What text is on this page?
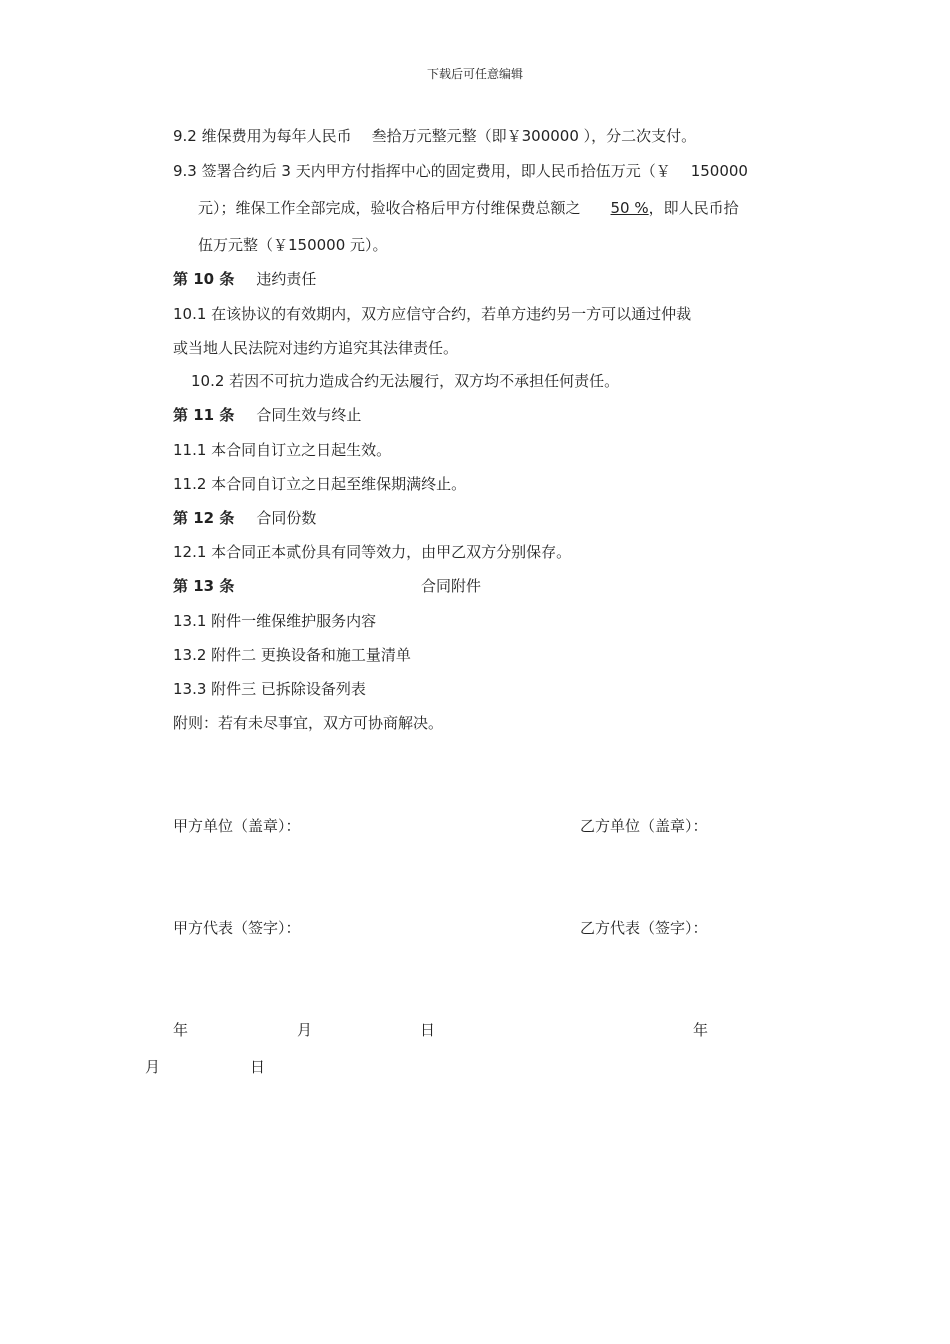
下载后可任意编辑
9.2 维保费用为每年人民币 叁拾万元整元整（即￥300000 ），分二次支付。
9.3 签署合约后 3 天内甲方付指挥中心的固定费用，即人民币拾伍万元（￥ 150000
元）；维保工作全部完成，验收合格后甲方付维保费总额之 50 %，即人民币拾
伍万元整（￥150000 元）。
第 10 条 违约责任
10.1 在该协议的有效期内，双方应信守合约，若单方违约另一方可以通过仲裁
或当地人民法院对违约方追究其法律责任。
10.2 若因不可抗力造成合约无法履行，双方均不承担任何责任。
第 11 条 合同生效与终止
11.1 本合同自订立之日起生效。
11.2 本合同自订立之日起至维保期满终止。
第 12 条 合同份数
12.1 本合同正本贰份具有同等效力，由甲乙双方分别保存。
第 13 条	合同附件
13.1 附件一维保维护服务内容
13.2 附件二 更换设备和施工量清单
13.3 附件三 已拆除设备列表
附则：若有未尽事宜，双方可协商解决。
甲方单位（盖章）：	乙方单位（盖章）：
甲方代表（签字）：	乙方代表（签字）：
年	月	日	年
月	日
